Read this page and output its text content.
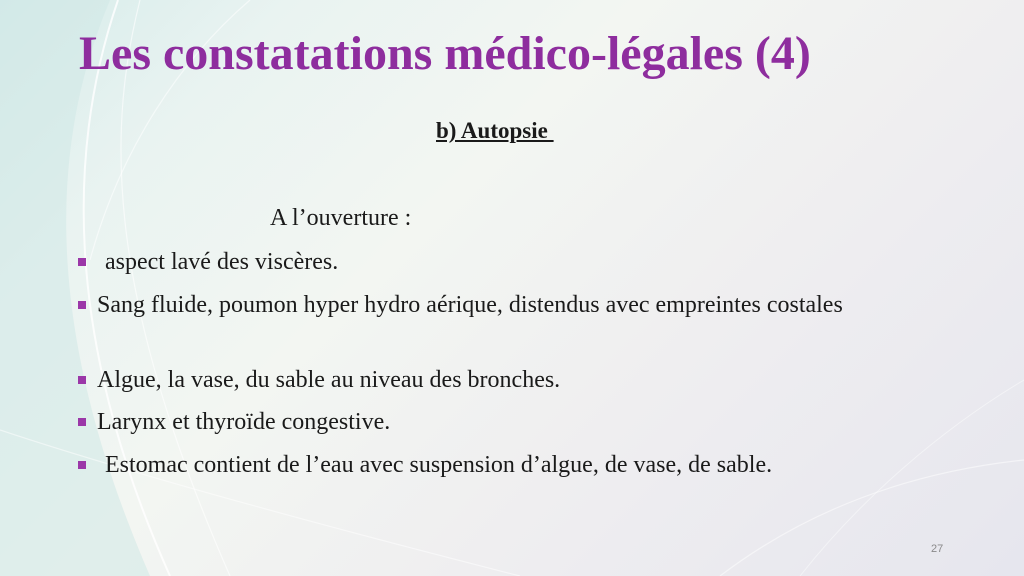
Les constatations médico-légales (4)
b) Autopsie
A l’ouverture :
aspect lavé des viscères.
Sang fluide, poumon hyper hydro aérique, distendus avec empreintes costales
Algue, la vase, du sable au niveau des bronches.
Larynx et thyroïde congestive.
Estomac contient de l’eau avec suspension d’algue, de vase, de sable.
27
